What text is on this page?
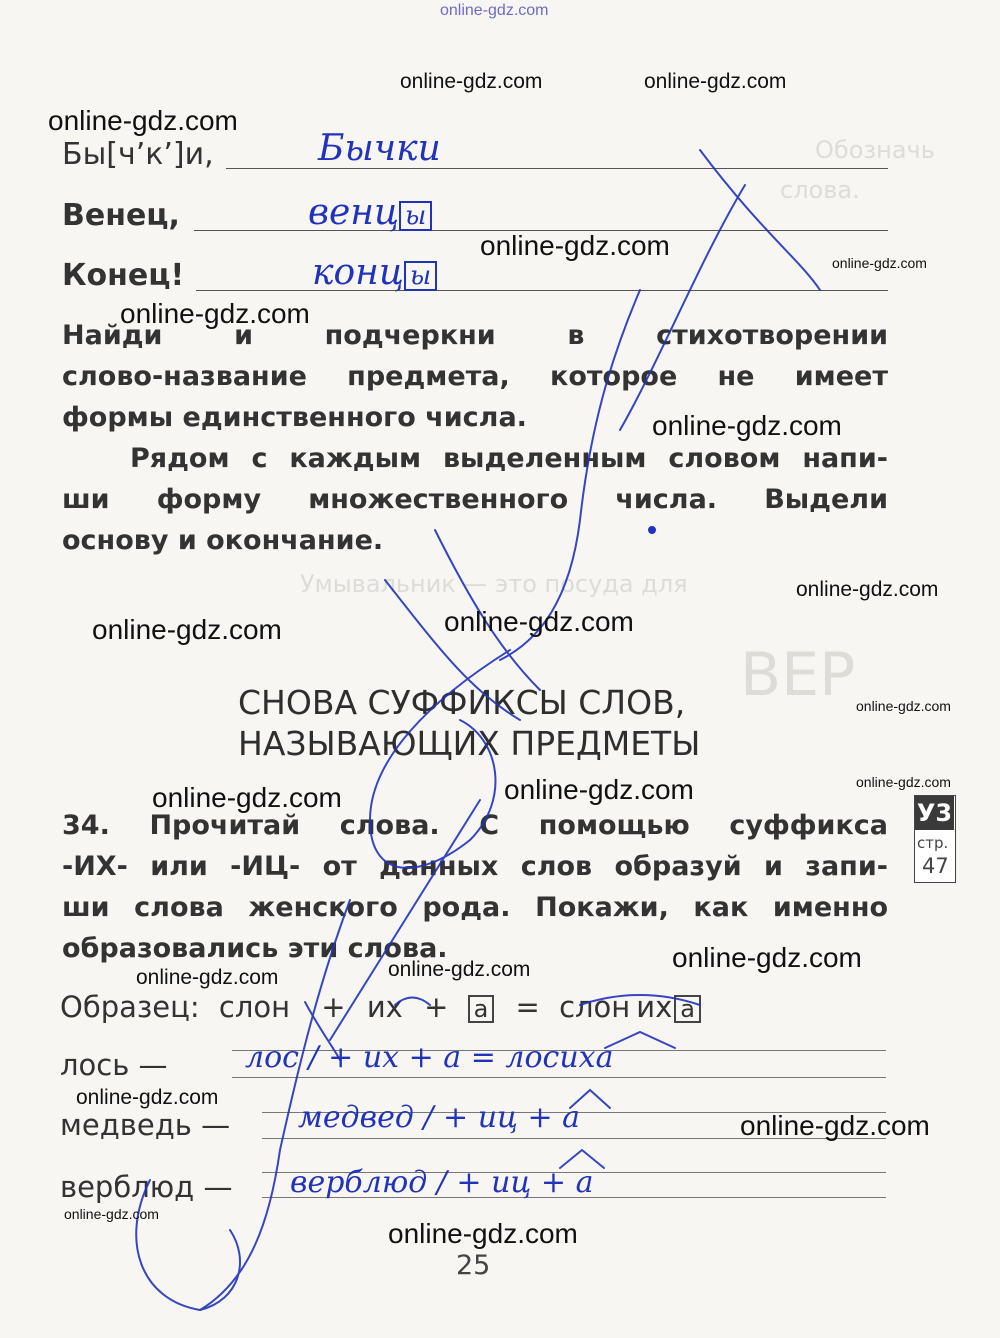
Обозначь
слова.
Умывальник — это посуда для
ВЕР
online-gdz.com
Бы[ч’к’]и,	Бычки
Венец,	венц ы
Конец!	конц ы
Найди	и	подчеркни	в	стихотворении
слово-название предмета, которое не имеет
формы единственного числа.
Рядом с каждым выделенным словом напи-
ши форму множественного числа. Выдели
основу и окончание.
СНОВА СУФФИКСЫ СЛОВ,
НАЗЫВАЮЩИХ ПРЕДМЕТЫ
У3
стр.
47
34. Прочитай слова. С помощью суффикса
-ИХ- или -ИЦ- от данных слов образуй и запи-
ши слова женского рода. Покажи, как именно
образовались эти слова.
Образец: слон + их + а = слон их а
лось —	лос / + их + а = лосиха
медведь — медвед / + иц + а
верблюд — верблюд / + иц + а
25
online-gdz.com	online-gdz.com
online-gdz.com
online-gdz.com
online-gdz.com
online-gdz.com
online-gdz.com
online-gdz.com
online-gdz.com	online-gdz.com
online-gdz.com
online-gdz.com
online-gdz.com	online-gdz.com
online-gdz.com	online-gdz.com	online-gdz.com
online-gdz.com
online-gdz.com
online-gdz.com
online-gdz.com
